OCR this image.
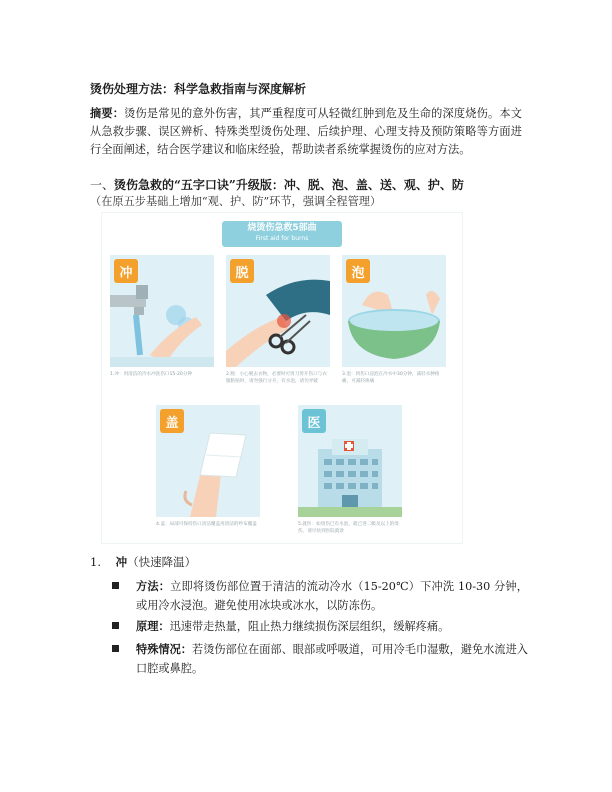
烫伤处理方法：科学急救指南与深度解析
摘要：烫伤是常见的意外伤害，其严重程度可从轻微红肿到危及生命的深度烧伤。本文从急救步骤、误区辨析、特殊类型烫伤处理、后续护理、心理支持及预防策略等方面进行全面阐述，结合医学建议和临床经验，帮助读者系统掌握烫伤的应对方法。
一、烫伤急救的“五字口诀”升级版：冲、脱、泡、盖、送、观、护、防
（在原五步基础上增加“观、护、防”环节，强调全程管理）
烧烫伤急救5部曲
First aid for burns
冲
1.冲：用清洁的冷水冲洗伤口15-20分钟
脱
2.脱：小心脱去衣物，必要时可剪刀剪开伤口与衣服粘贴时，请勿强行分开，有水泡，请勿弄破
泡
3.泡：将伤口浸泡在冷水中30分钟，减轻水肿疼痛，可减轻疼痛
盖
4.盖：局部可保持伤口清洁覆盖用清洁的纱布覆盖
医
5.就医：如烫伤已有水泡，就已进二级及以上的烫伤，请尽快到医院就诊
1. 冲（快速降温）
方法：立即将烫伤部位置于清洁的流动冷水（15-20℃）下冲洗 10-30 分钟，或用冷水浸泡。避免使用冰块或冰水，以防冻伤。
原理：迅速带走热量，阻止热力继续损伤深层组织，缓解疼痛。
特殊情况：若烫伤部位在面部、眼部或呼吸道，可用冷毛巾湿敷，避免水流进入口腔或鼻腔。
